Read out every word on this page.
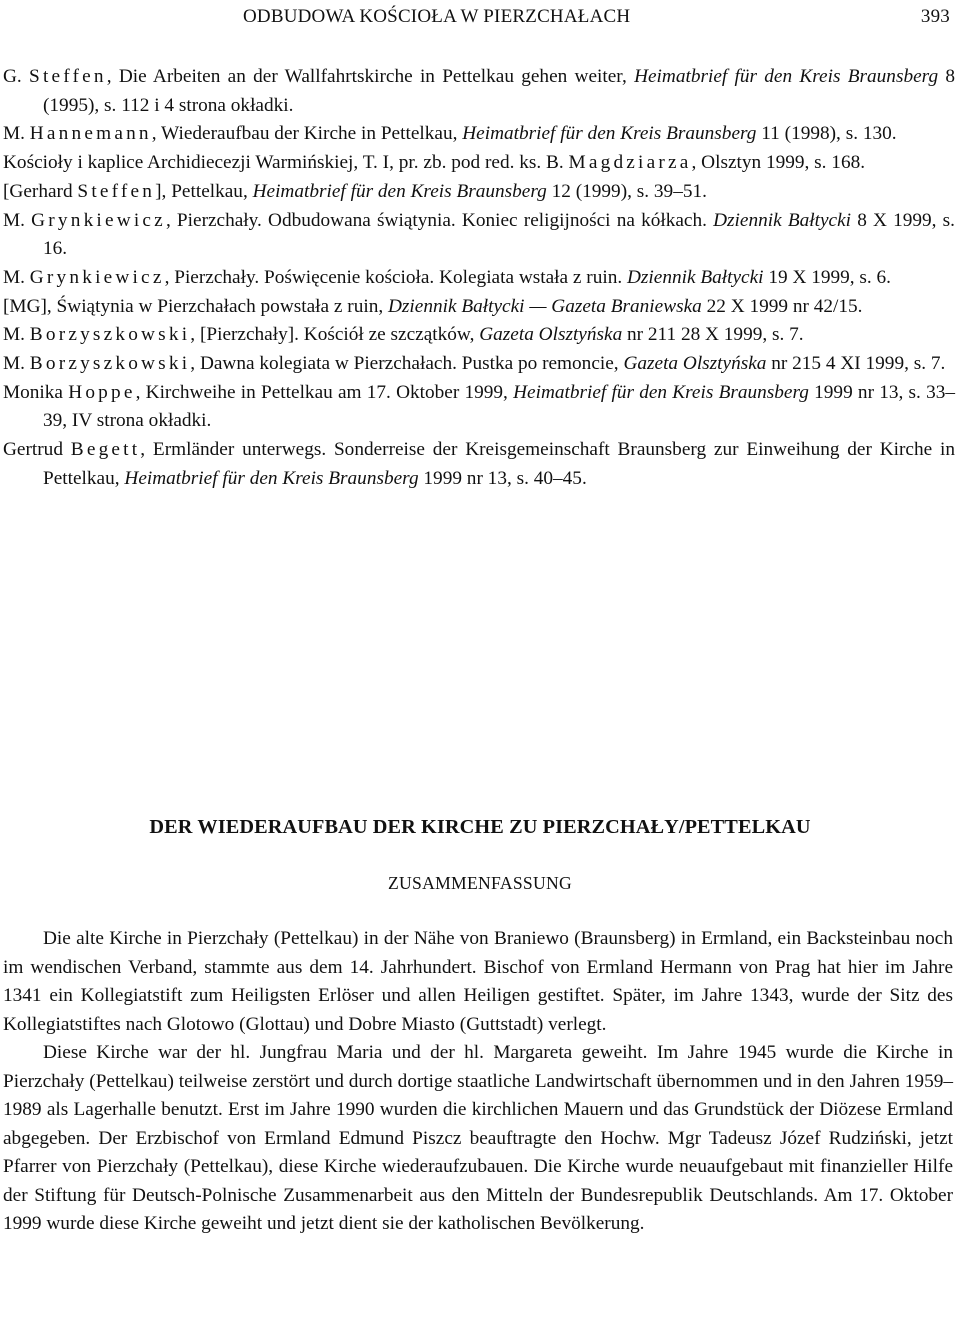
ODBUDOWA KOŚCIOŁA W PIERZCHAŁACH	393

G. Steffen, Die Arbeiten an der Wallfahrtskirche in Pettelkau gehen weiter, Heimatbrief für den Kreis Braunsberg 8 (1995), s. 112 i 4 strona okładki.

M. Hannemann, Wiederaufbau der Kirche in Pettelkau, Heimatbrief für den Kreis Braunsberg 11 (1998), s. 130.

Kościoły i kaplice Archidiecezji Warmińskiej, T. I, pr. zb. pod red. ks. B. Magdziarza, Olsztyn 1999, s. 168.

[Gerhard Steffen], Pettelkau, Heimatbrief für den Kreis Braunsberg 12 (1999), s. 39–51.

M. Grynkiewicz, Pierzchały. Odbudowana świątynia. Koniec religijności na kółkach. Dziennik Bałtycki 8 X 1999, s. 16.

M. Grynkiewicz, Pierzchały. Poświęcenie kościoła. Kolegiata wstała z ruin. Dziennik Bałtycki 19 X 1999, s. 6.

[MG], Świątynia w Pierzchałach powstała z ruin, Dziennik Bałtycki — Gazeta Braniewska 22 X 1999 nr 42/15.

M. Borzyszkowski, [Pierzchały]. Kościół ze szczątków, Gazeta Olsztyńska nr 211 28 X 1999, s. 7.

M. Borzyszkowski, Dawna kolegiata w Pierzchałach. Pustka po remoncie, Gazeta Olsztyńska nr 215 4 XI 1999, s. 7.

Monika Hoppe, Kirchweihe in Pettelkau am 17. Oktober 1999, Heimatbrief für den Kreis Braunsberg 1999 nr 13, s. 33–39, IV strona okładki.

Gertrud Begett, Ermländer unterwegs. Sonderreise der Kreisgemeinschaft Braunsberg zur Einweihung der Kirche in Pettelkau, Heimatbrief für den Kreis Braunsberg 1999 nr 13, s. 40–45.

DER WIEDERAUFBAU DER KIRCHE ZU PIERZCHAŁY/PETTELKAU
ZUSAMMENFASSUNG

Die alte Kirche in Pierzchały (Pettelkau) in der Nähe von Braniewo (Braunsberg) in Ermland, ein Backsteinbau noch im wendischen Verband, stammte aus dem 14. Jahrhundert. Bischof von Ermland Hermann von Prag hat hier im Jahre 1341 ein Kollegiatstift zum Heiligsten Erlöser und allen Heiligen gestiftet. Später, im Jahre 1343, wurde der Sitz des Kollegiatstiftes nach Glotowo (Glottau) und Dobre Miasto (Guttstadt) verlegt.

Diese Kirche war der hl. Jungfrau Maria und der hl. Margareta geweiht. Im Jahre 1945 wurde die Kirche in Pierzchały (Pettelkau) teilweise zerstört und durch dortige staatliche Landwirtschaft übernommen und in den Jahren 1959–1989 als Lagerhalle benutzt. Erst im Jahre 1990 wurden die kirchlichen Mauern und das Grundstück der Diözese Ermland abgegeben. Der Erzbischof von Ermland Edmund Piszcz beauftragte den Hochw. Mgr Tadeusz Józef Rudziński, jetzt Pfarrer von Pierzchały (Pettelkau), diese Kirche wiederaufzubauen. Die Kirche wurde neuaufgebaut mit finanzieller Hilfe der Stiftung für Deutsch-Polnische Zusammenarbeit aus den Mitteln der Bundesrepublik Deutschlands. Am 17. Oktober 1999 wurde diese Kirche geweiht und jetzt dient sie der katholischen Bevölkerung.
